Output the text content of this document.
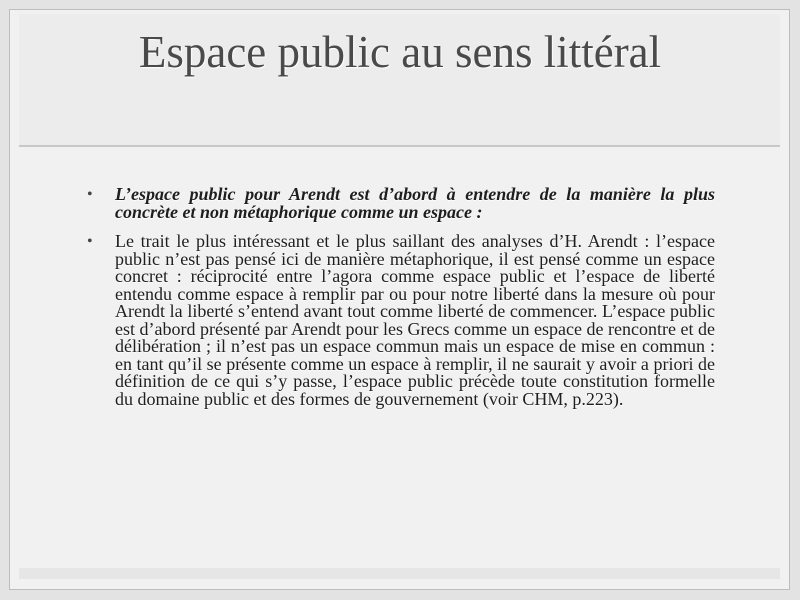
Espace public au sens littéral
• L’espace public pour Arendt est d’abord à entendre de la manière la plus concrète et non métaphorique comme un espace :
• Le trait le plus intéressant et le plus saillant des analyses d’H. Arendt : l’espace public n’est pas pensé ici de manière métaphorique, il est pensé comme un espace concret : réciprocité entre l’agora comme espace public et l’espace de liberté entendu comme espace à remplir par ou pour notre liberté dans la mesure où pour Arendt la liberté s’entend avant tout comme liberté de commencer. L’espace public est d’abord présenté par Arendt pour les Grecs comme un espace de rencontre et de délibération ; il n’est pas un espace commun mais un espace de mise en commun : en tant qu’il se présente comme un espace à remplir, il ne saurait y avoir a priori de définition de ce qui s’y passe, l’espace public précède toute constitution formelle du domaine public et des formes de gouvernement (voir CHM, p.223).
